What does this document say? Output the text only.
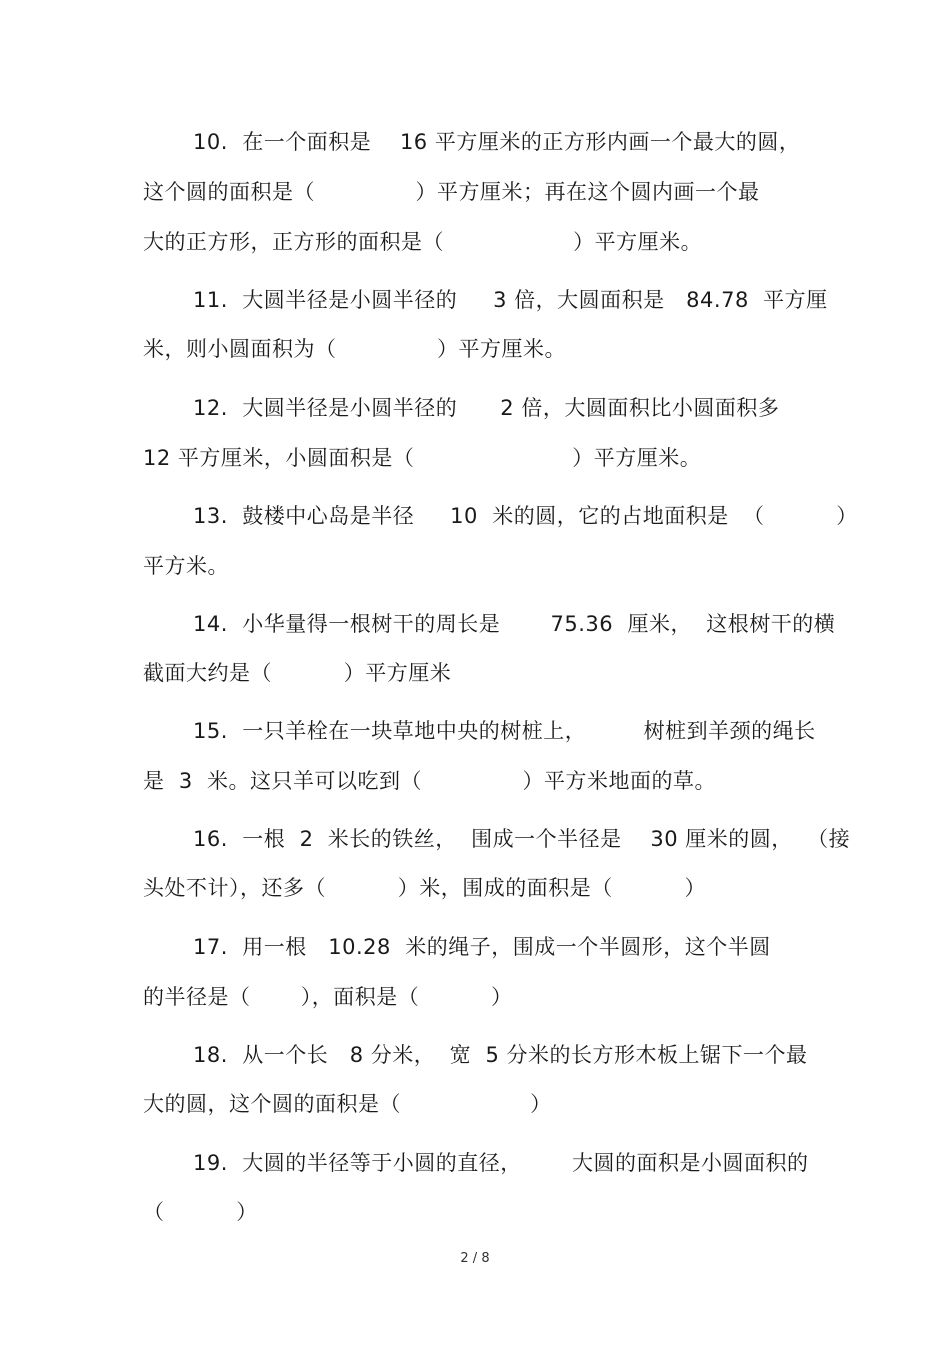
10.  在一个面积是    16 平方厘米的正方形内画一个最大的圆，
这个圆的面积是（              ）平方厘米；再在这个圆内画一个最
大的正方形，正方形的面积是（                  ）平方厘米。
11.  大圆半径是小圆半径的     3 倍，大圆面积是   84.78  平方厘
米，则小圆面积为（              ）平方厘米。
12.  大圆半径是小圆半径的      2 倍，大圆面积比小圆面积多
12 平方厘米，小圆面积是（                      ）平方厘米。
13.  鼓楼中心岛是半径     10  米的圆，它的占地面积是  （          ）
平方米。
14.  小华量得一根树干的周长是       75.36  厘米，  这根树干的横
截面大约是（          ）平方厘米
15.  一只羊栓在一块草地中央的树桩上，        树桩到羊颈的绳长
是  3  米。这只羊可以吃到（              ）平方米地面的草。
16.  一根  2  米长的铁丝，  围成一个半径是    30 厘米的圆，  （接
头处不计），还多（          ）米，围成的面积是（          ）
17.  用一根   10.28  米的绳子，围成一个半圆形，这个半圆
的半径是（       ），面积是（          ）
18.  从一个长   8 分米，  宽  5 分米的长方形木板上锯下一个最
大的圆，这个圆的面积是（                  ）
19.  大圆的半径等于小圆的直径，       大圆的面积是小圆面积的
（          ）
2 / 8
